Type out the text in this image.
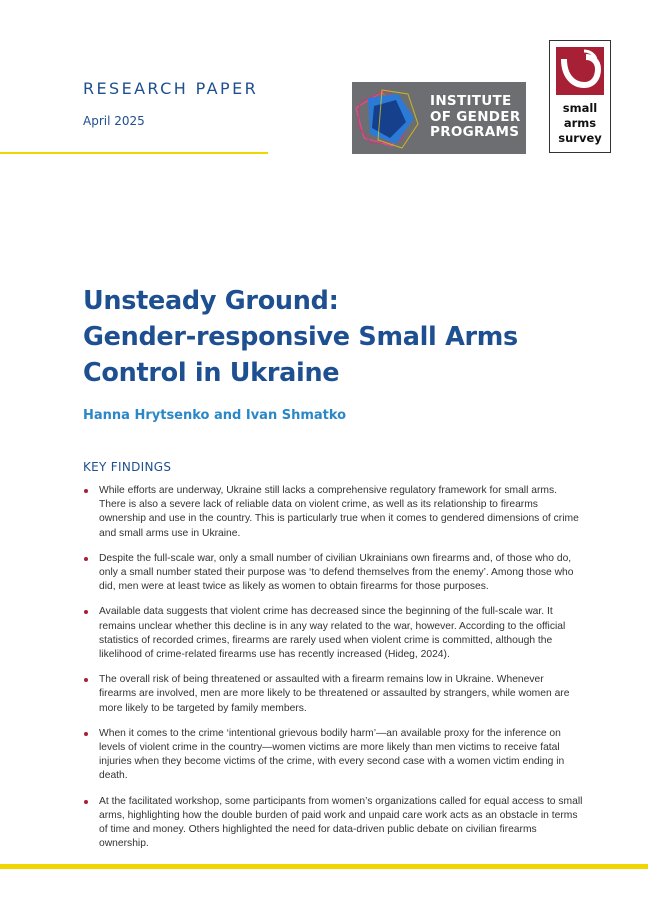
RESEARCH PAPER
April 2025
INSTITUTE
OF GENDER
PROGRAMS
small
arms
survey
Unsteady Ground:
Gender-responsive Small Arms
Control in Ukraine
Hanna Hrytsenko and Ivan Shmatko
KEY FINDINGS
While efforts are underway, Ukraine still lacks a comprehensive regulatory framework for small arms. There is also a severe lack of reliable data on violent crime, as well as its relationship to firearms ownership and use in the country. This is particularly true when it comes to gendered dimensions of crime and small arms use in Ukraine.
Despite the full-scale war, only a small number of civilian Ukrainians own firearms and, of those who do, only a small number stated their purpose was ‘to defend themselves from the enemy’. Among those who did, men were at least twice as likely as women to obtain firearms for those purposes.
Available data suggests that violent crime has decreased since the beginning of the full-scale war. It remains unclear whether this decline is in any way related to the war, however. According to the official statistics of recorded crimes, firearms are rarely used when violent crime is committed, although the likelihood of crime-related firearms use has recently increased (Hideg, 2024).
The overall risk of being threatened or assaulted with a firearm remains low in Ukraine. Whenever firearms are involved, men are more likely to be threatened or assaulted by strangers, while women are more likely to be targeted by family members.
When it comes to the crime ‘intentional grievous bodily harm’—an available proxy for the inference on levels of violent crime in the country—women victims are more likely than men victims to receive fatal injuries when they become victims of the crime, with every second case with a women victim ending in death.
At the facilitated workshop, some participants from women’s organizations called for equal access to small arms, highlighting how the double burden of paid work and unpaid care work acts as an obstacle in terms of time and money. Others highlighted the need for data-driven public debate on civilian firearms ownership.
